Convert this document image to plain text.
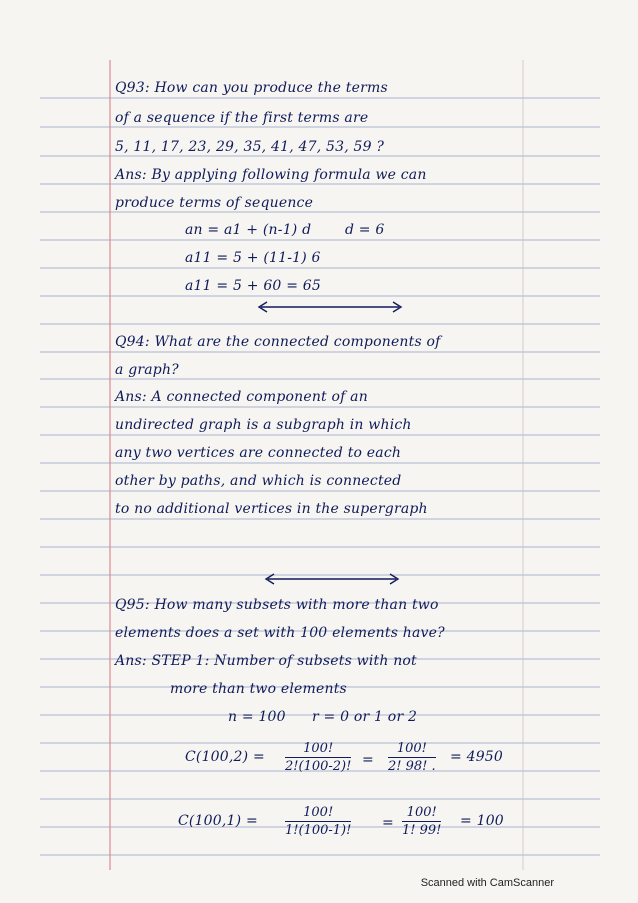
Q93: How can you produce the terms
of a sequence if the first terms are
5, 11, 17, 23, 29, 35, 41, 47, 53, 59 ?
Ans: By applying following formula we can
produce terms of sequence
an = a1 + (n-1) d d = 6
a11 = 5 + (11-1) 6
a11 = 5 + 60 = 65
Q94: What are the connected components of
a graph?
Ans: A connected component of an
undirected graph is a subgraph in which
any two vertices are connected to each
other by paths, and which is connected
to no additional vertices in the supergraph
Q95: How many subsets with more than two
elements does a set with 100 elements have?
Ans: STEP 1: Number of subsets with not
more than two elements
n = 100 r = 0 or 1 or 2
$C(100,2) = \frac{100!}{2!(100-2)!} = \frac{100!}{2! 98! .} = 4950$
$C(100,1) = \frac{100!}{1!(100-1)!} = \frac{100!}{1! 99!} = 100$
Scanned with CamScanner
